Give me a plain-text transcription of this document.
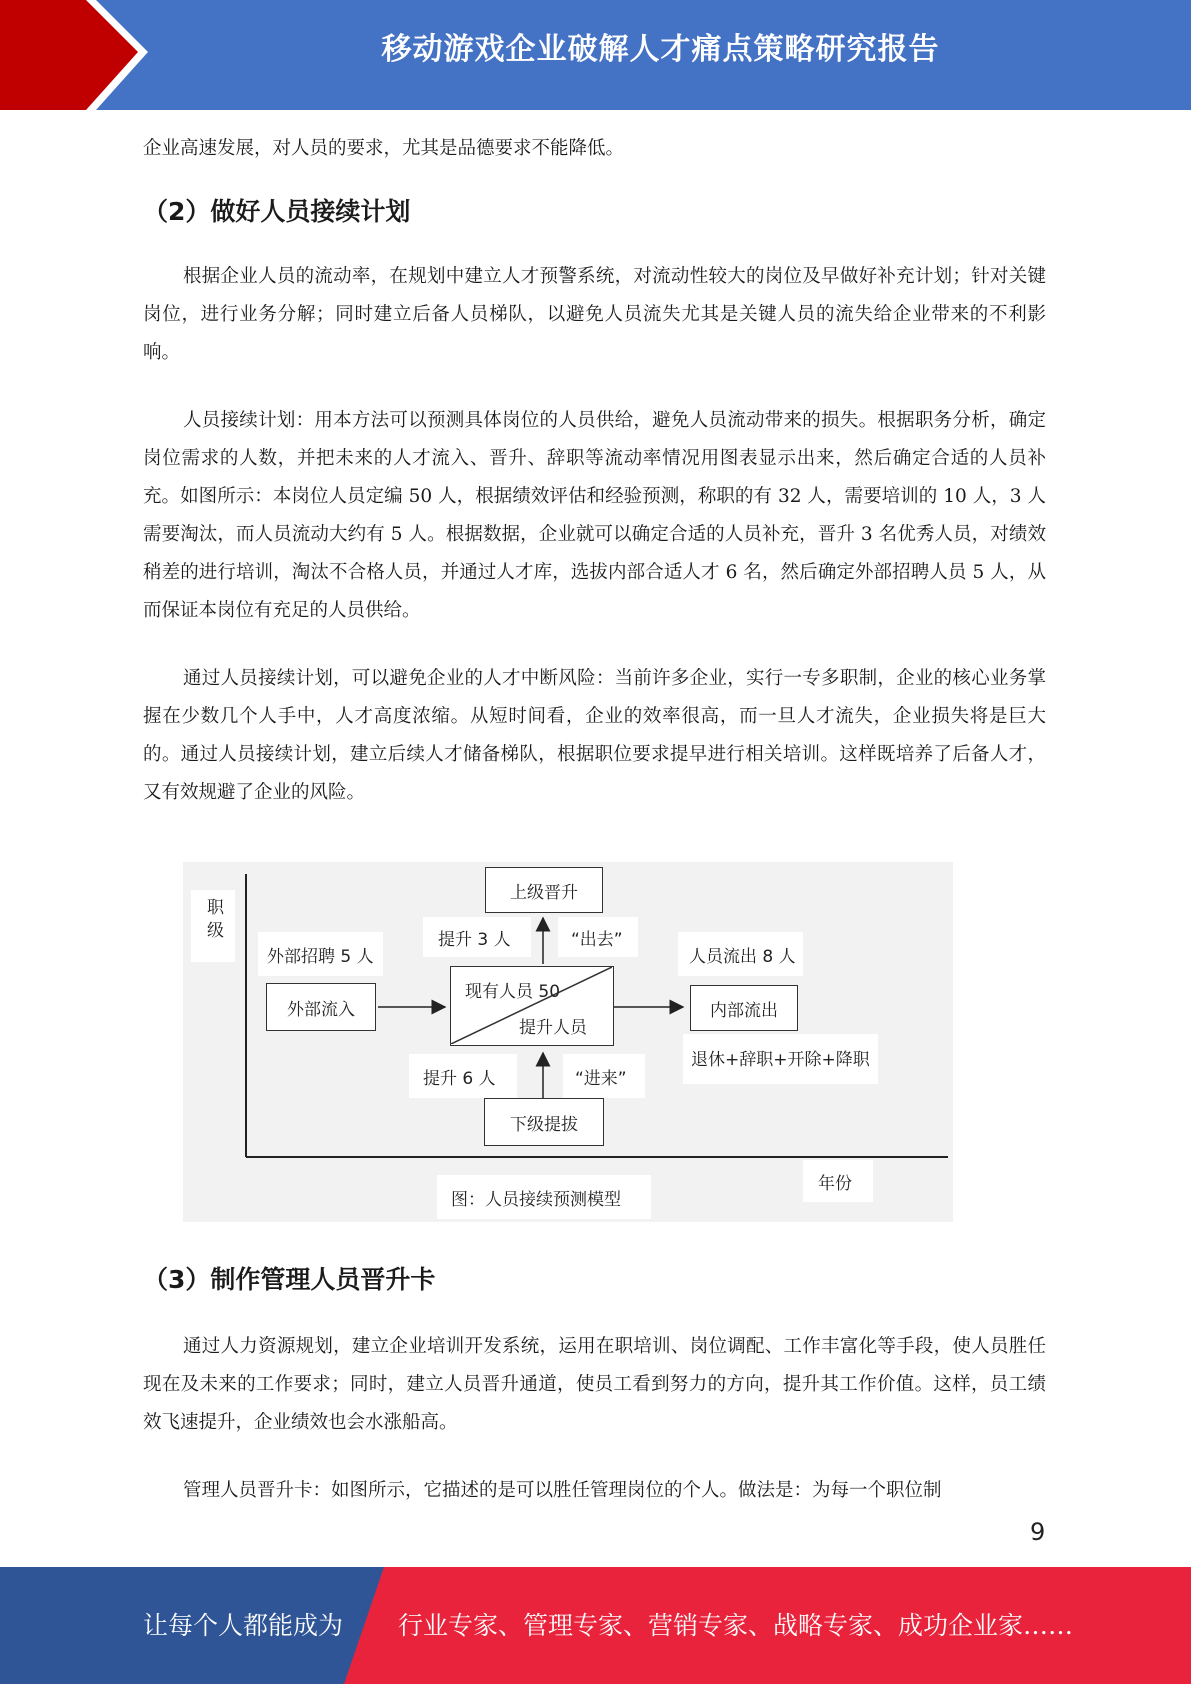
移动游戏企业破解人才痛点策略研究报告

企业高速发展，对人员的要求，尤其是品德要求不能降低。

（2）做好人员接续计划

根据企业人员的流动率，在规划中建立人才预警系统，对流动性较大的岗位及早做好补充计划；针对关键岗位，进行业务分解；同时建立后备人员梯队，以避免人员流失尤其是关键人员的流失给企业带来的不利影响。

人员接续计划：用本方法可以预测具体岗位的人员供给，避免人员流动带来的损失。根据职务分析，确定岗位需求的人数，并把未来的人才流入、晋升、辞职等流动率情况用图表显示出来，然后确定合适的人员补充。如图所示：本岗位人员定编 50 人，根据绩效评估和经验预测，称职的有 32 人，需要培训的 10 人，3 人需要淘汰，而人员流动大约有 5 人。根据数据，企业就可以确定合适的人员补充，晋升 3 名优秀人员，对绩效稍差的进行培训，淘汰不合格人员，并通过人才库，选拔内部合适人才 6 名，然后确定外部招聘人员 5 人，从而保证本岗位有充足的人员供给。

通过人员接续计划，可以避免企业的人才中断风险：当前许多企业，实行一专多职制，企业的核心业务掌握在少数几个人手中，人才高度浓缩。从短时间看，企业的效率很高，而一旦人才流失，企业损失将是巨大的。通过人员接续计划，建立后续人才储备梯队，根据职位要求提早进行相关培训。这样既培养了后备人才，又有效规避了企业的风险。

职级
上级晋升
提升 3 人	“出去”
外部招聘 5 人
外部流入
现有人员 50
提升人员
人员流出 8 人
内部流出
退休+辞职+开除+降职
提升 6 人	“进来”
下级提拔
年份
图：人员接续预测模型
（3）制作管理人员晋升卡

通过人力资源规划，建立企业培训开发系统，运用在职培训、岗位调配、工作丰富化等手段，使人员胜任现在及未来的工作要求；同时，建立人员晋升通道，使员工看到努力的方向，提升其工作价值。这样，员工绩效飞速提升，企业绩效也会水涨船高。

管理人员晋升卡：如图所示，它描述的是可以胜任管理岗位的个人。做法是：为每一个职位制

9
让每个人都能成为 行业专家、管理专家、营销专家、战略专家、成功企业家……
